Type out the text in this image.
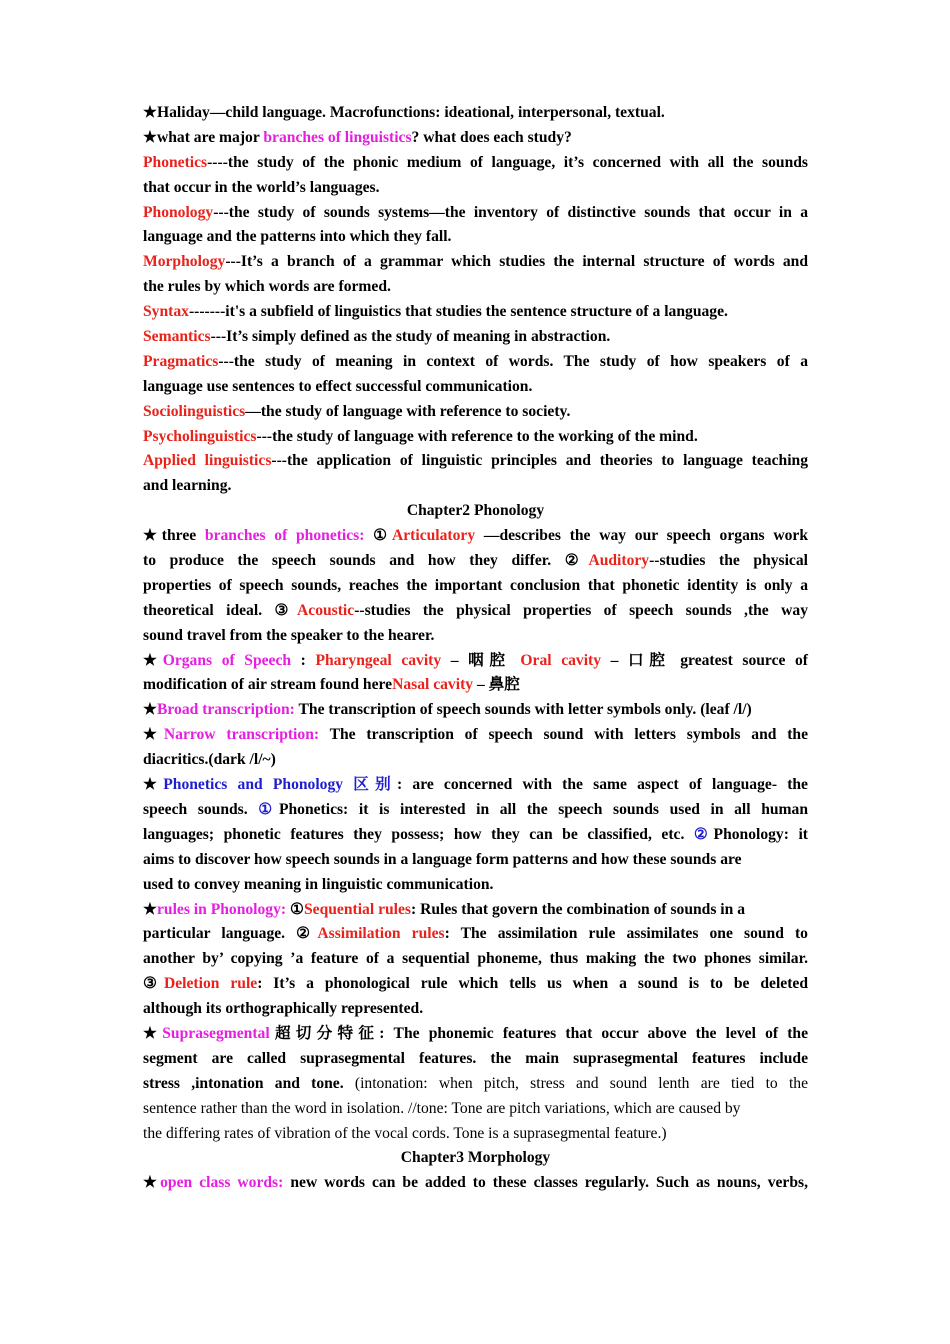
★Haliday—child language. Macrofunctions: ideational, interpersonal, textual.
★what are major branches of linguistics? what does each study?
Phonetics----the study of the phonic medium of language, it’s concerned with all the sounds
that occur in the world’s languages.
Phonology---the study of sounds systems—the inventory of distinctive sounds that occur in a
language and the patterns into which they fall.
Morphology---It’s a branch of a grammar which studies the internal structure of words and
the rules by which words are formed.
Syntax-------it's a subfield of linguistics that studies the sentence structure of a language.
Semantics---It’s simply defined as the study of meaning in abstraction.
Pragmatics---the study of meaning in context of words. The study of how speakers of a
language use sentences to effect successful communication.
Sociolinguistics—the study of language with reference to society.
Psycholinguistics---the study of language with reference to the working of the mind.
Applied linguistics---the application of linguistic principles and theories to language teaching
and learning.
Chapter2 Phonology
★three branches of phonetics: ①Articulatory —describes the way our speech organs work
to produce the speech sounds and how they differ. ②Auditory--studies the physical
properties of speech sounds, reaches the important conclusion that phonetic identity is only a
theoretical ideal. ③Acoustic--studies the physical properties of speech sounds ,the way
sound travel from the speaker to the hearer.
★Organs of Speech : Pharyngeal cavity – 咽腔 Oral cavity – 口腔 greatest source of
modification of air stream found hereNasal cavity – 鼻腔
★Broad transcription: The transcription of speech sounds with letter symbols only. (leaf /l/)
★Narrow transcription: The transcription of speech sound with letters symbols and the
diacritics.(dark /l/~)
★Phonetics and Phonology 区别: are concerned with the same aspect of language- the
speech sounds. ①Phonetics: it is interested in all the speech sounds used in all human
languages; phonetic features they possess; how they can be classified, etc. ②Phonology: it
aims to discover how speech sounds in a language form patterns and how these sounds are
used to convey meaning in linguistic communication.
★rules in Phonology: ①Sequential rules: Rules that govern the combination of sounds in a
particular language. ②Assimilation rules: The assimilation rule assimilates one sound to
another by’ copying ’a feature of a sequential phoneme, thus making the two phones similar.
③Deletion rule: It’s a phonological rule which tells us when a sound is to be deleted
although its orthographically represented.
★Suprasegmental超切分特征: The phonemic features that occur above the level of the
segment are called suprasegmental features. the main suprasegmental features include
stress ,intonation and tone. (intonation: when pitch, stress and sound lenth are tied to the
sentence rather than the word in isolation. //tone: Tone are pitch variations, which are caused by
the differing rates of vibration of the vocal cords. Tone is a suprasegmental feature.)
Chapter3 Morphology
★open class words: new words can be added to these classes regularly. Such as nouns, verbs,
